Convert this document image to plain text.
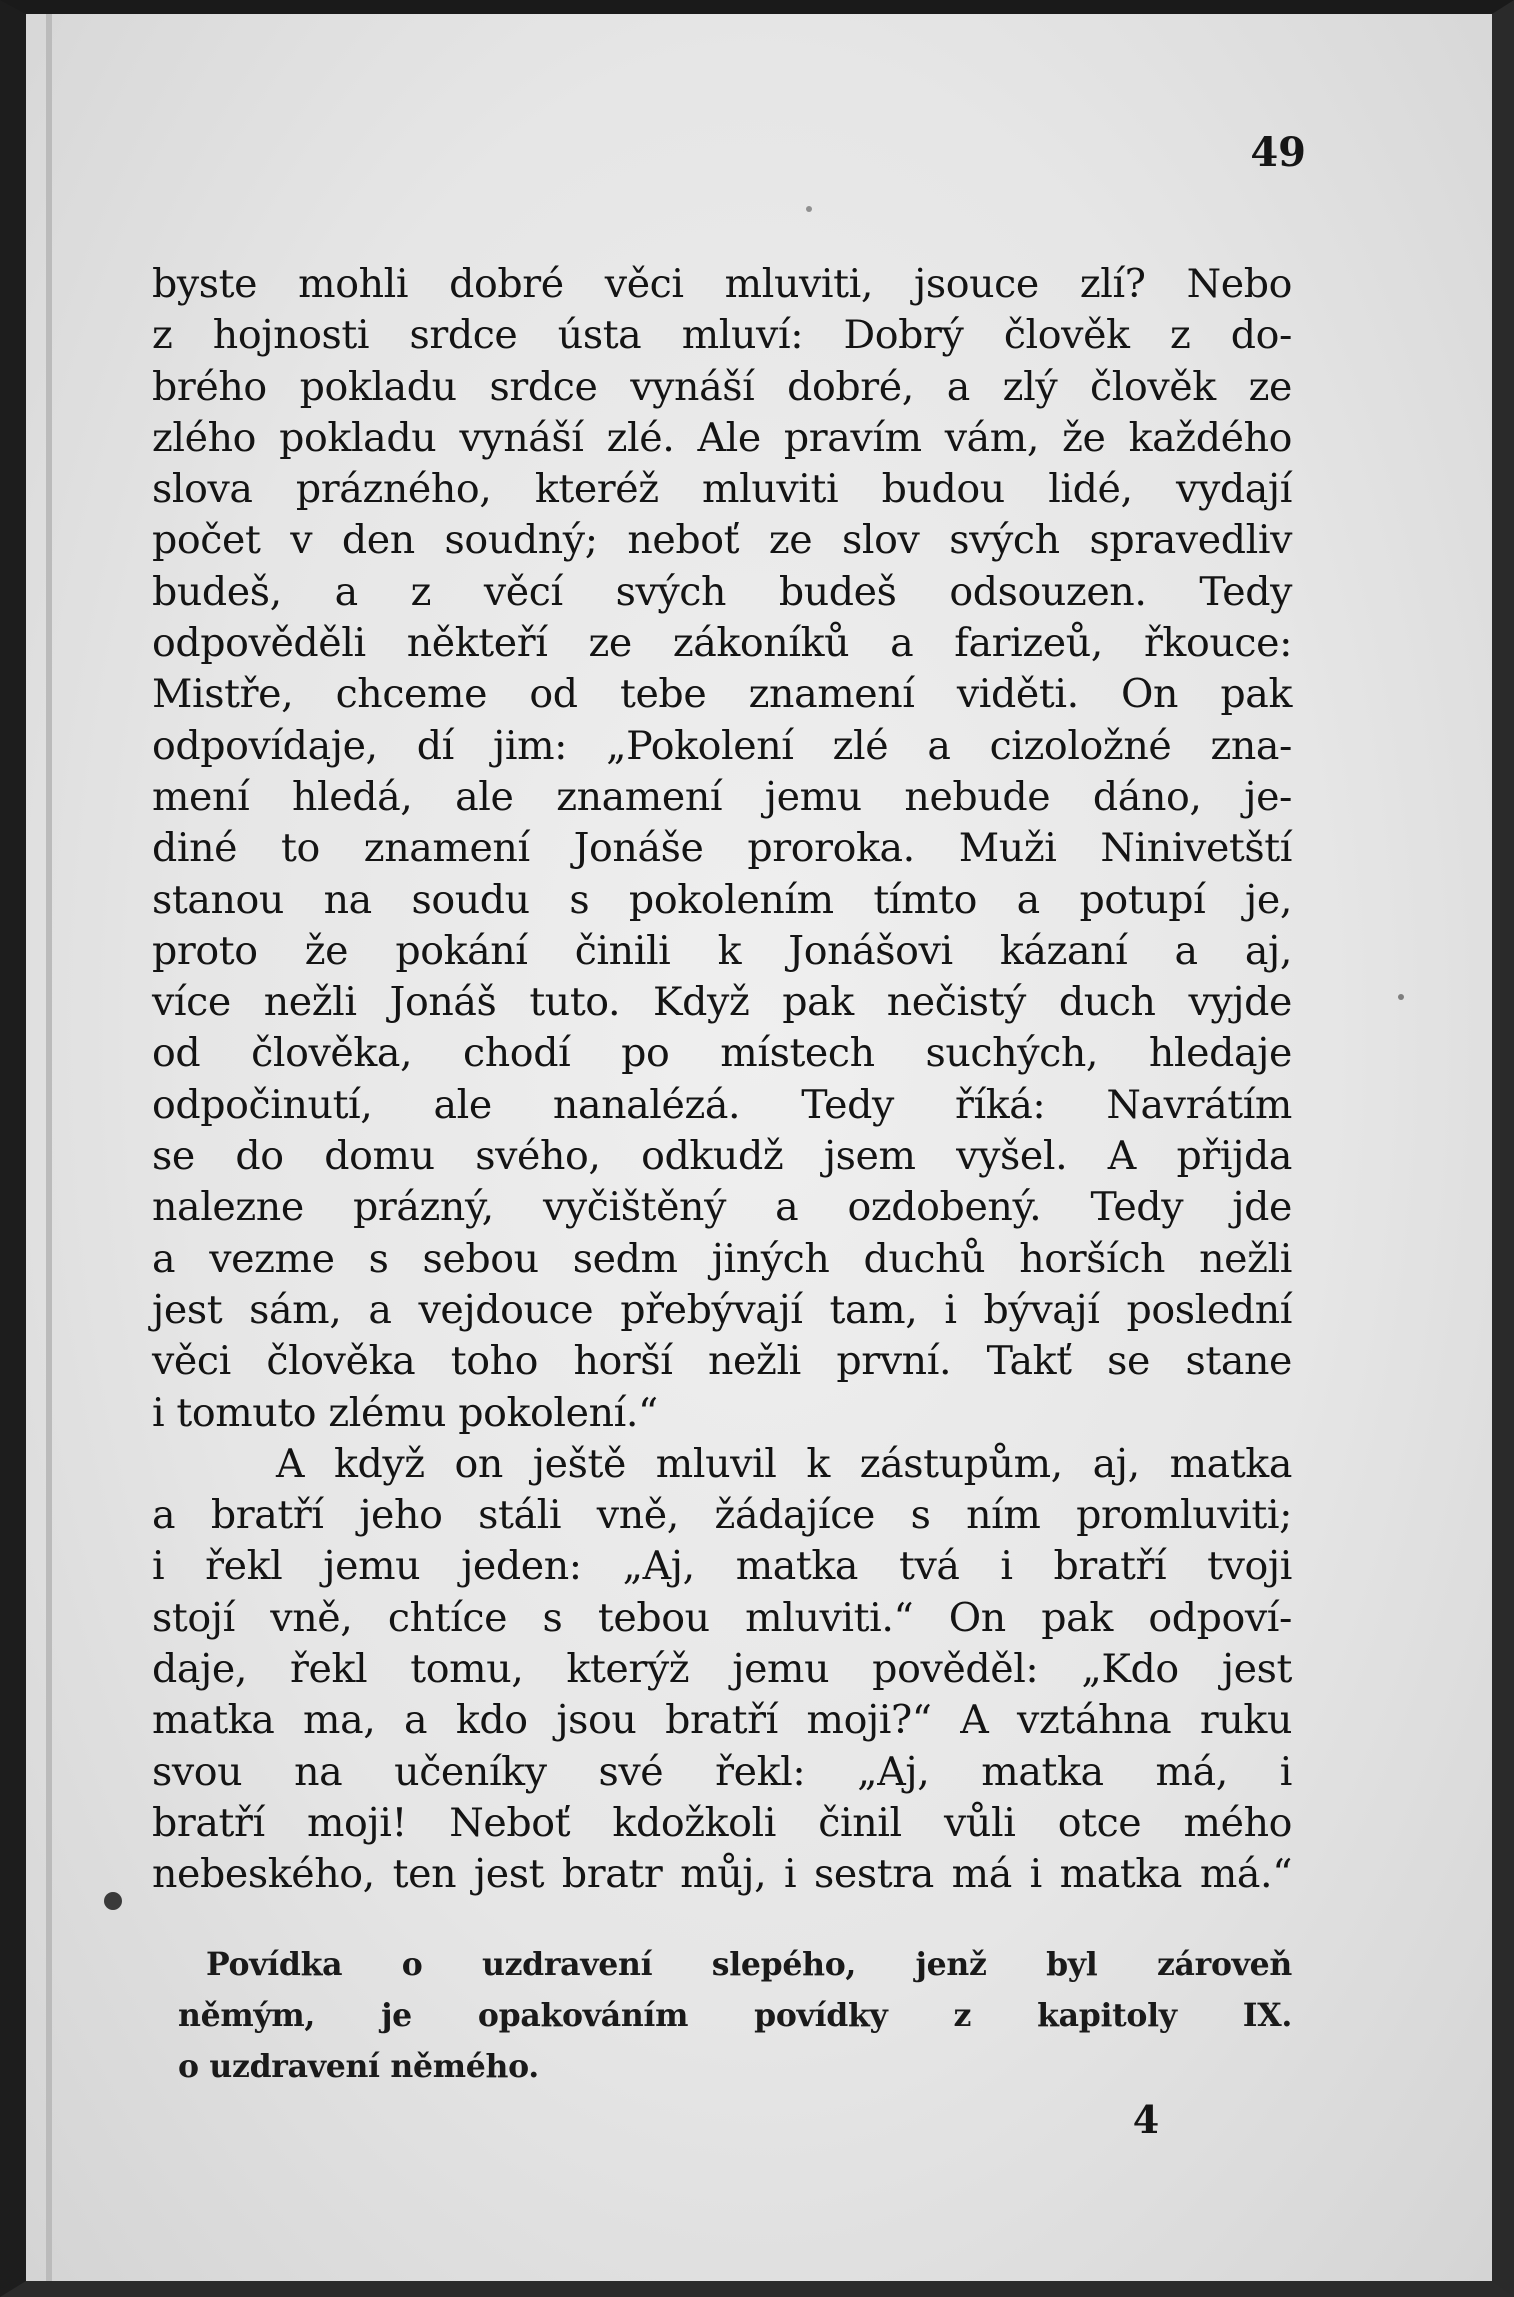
49
byste mohli dobré věci mluviti, jsouce zlí? Nebo
z hojnosti srdce ústa mluví: Dobrý člověk z do-
brého pokladu srdce vynáší dobré, a zlý člověk ze
zlého pokladu vynáší zlé. Ale pravím vám, že každého
slova prázného, kteréž mluviti budou lidé, vydají
počet v den soudný; neboť ze slov svých spravedliv
budeš, a z věcí svých budeš odsouzen. Tedy
odpověděli někteří ze zákoníků a farizeů, řkouce:
Mistře, chceme od tebe znamení viděti. On pak
odpovídaje, dí jim: „Pokolení zlé a cizoložné zna-
mení hledá, ale znamení jemu nebude dáno, je-
diné to znamení Jonáše proroka. Muži Ninivetští
stanou na soudu s pokolením tímto a potupí je,
proto že pokání činili k Jonášovi kázaní a aj,
více nežli Jonáš tuto. Když pak nečistý duch vyjde
od člověka, chodí po místech suchých, hledaje
odpočinutí, ale nanalézá. Tedy říká: Navrátím
se do domu svého, odkudž jsem vyšel. A přijda
nalezne prázný, vyčištěný a ozdobený. Tedy jde
a vezme s sebou sedm jiných duchů horších nežli
jest sám, a vejdouce přebývají tam, i bývají poslední
věci člověka toho horší nežli první. Takť se stane
i tomuto zlému pokolení.“
A když on ještě mluvil k zástupům, aj, matka
a bratří jeho stáli vně, žádajíce s ním promluviti;
i řekl jemu jeden: „Aj, matka tvá i bratří tvoji
stojí vně, chtíce s tebou mluviti.“ On pak odpoví-
daje, řekl tomu, kterýž jemu pověděl: „Kdo jest
matka ma, a kdo jsou bratří moji?“ A vztáhna ruku
svou na učeníky své řekl: „Aj, matka má, i
bratří moji! Neboť kdožkoli činil vůli otce mého
nebeského, ten jest bratr můj, i sestra má i matka má.“
Povídka o uzdravení slepého, jenž byl zároveň
němým, je opakováním povídky z kapitoly IX.
o uzdravení němého.
4
